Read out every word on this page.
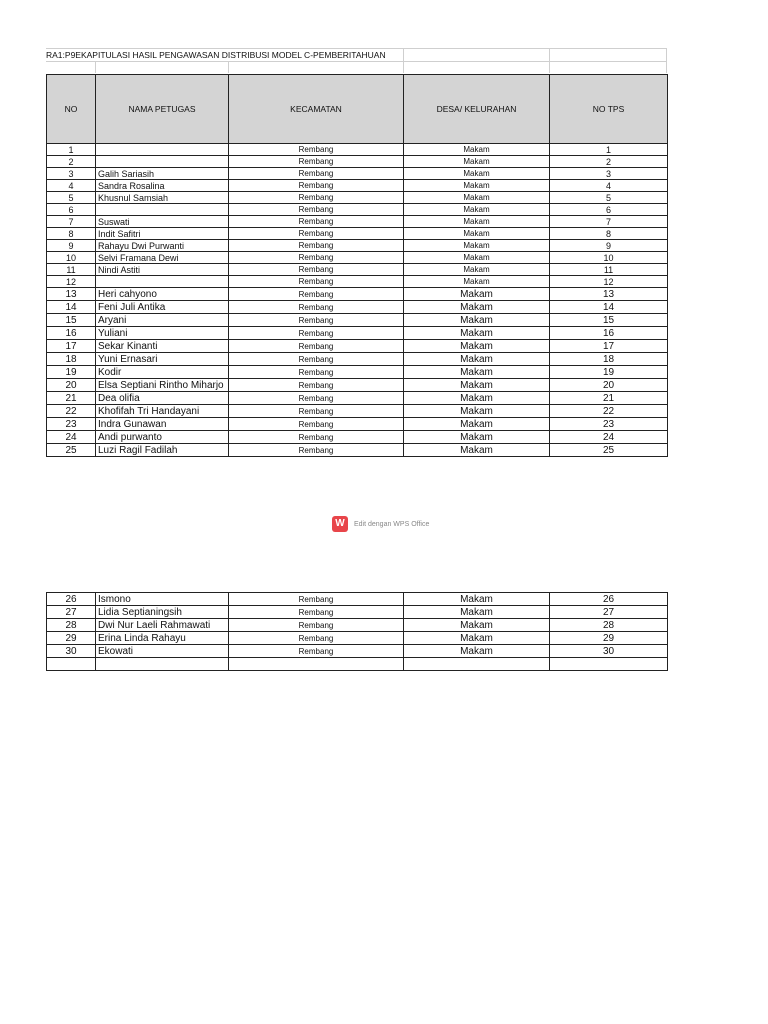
RA1:P9EKAPITULASI HASIL PENGAWASAN DISTRIBUSI MODEL C-PEMBERITAHUAN
NO	NAMA PETUGAS	KECAMATAN	DESA/ KELURAHAN	NO TPS
1		Rembang	Makam	1
2		Rembang	Makam	2
3	Galih Sariasih	Rembang	Makam	3
4	Sandra Rosalina	Rembang	Makam	4
5	Khusnul Samsiah	Rembang	Makam	5
6		Rembang	Makam	6
7	Suswati	Rembang	Makam	7
8	Indit Safitri	Rembang	Makam	8
9	Rahayu Dwi Purwanti	Rembang	Makam	9
10	Selvi Framana Dewi	Rembang	Makam	10
11	Nindi Astiti	Rembang	Makam	11
12		Rembang	Makam	12
13	Heri cahyono	Rembang	Makam	13
14	Feni Juli Antika	Rembang	Makam	14
15	Aryani	Rembang	Makam	15
16	Yuliani	Rembang	Makam	16
17	Sekar Kinanti	Rembang	Makam	17
18	Yuni Ernasari	Rembang	Makam	18
19	Kodir	Rembang	Makam	19
20	Elsa Septiani Rintho Miharjo	Rembang	Makam	20
21	Dea olifia	Rembang	Makam	21
22	Khofifah Tri Handayani	Rembang	Makam	22
23	Indra Gunawan	Rembang	Makam	23
24	Andi purwanto	Rembang	Makam	24
25	Luzi Ragil Fadilah	Rembang	Makam	25
W	Edit dengan WPS Office
26	Ismono	Rembang	Makam	26
27	Lidia Septianingsih	Rembang	Makam	27
28	Dwi Nur Laeli Rahmawati	Rembang	Makam	28
29	Erina Linda Rahayu	Rembang	Makam	29
30	Ekowati	Rembang	Makam	30
